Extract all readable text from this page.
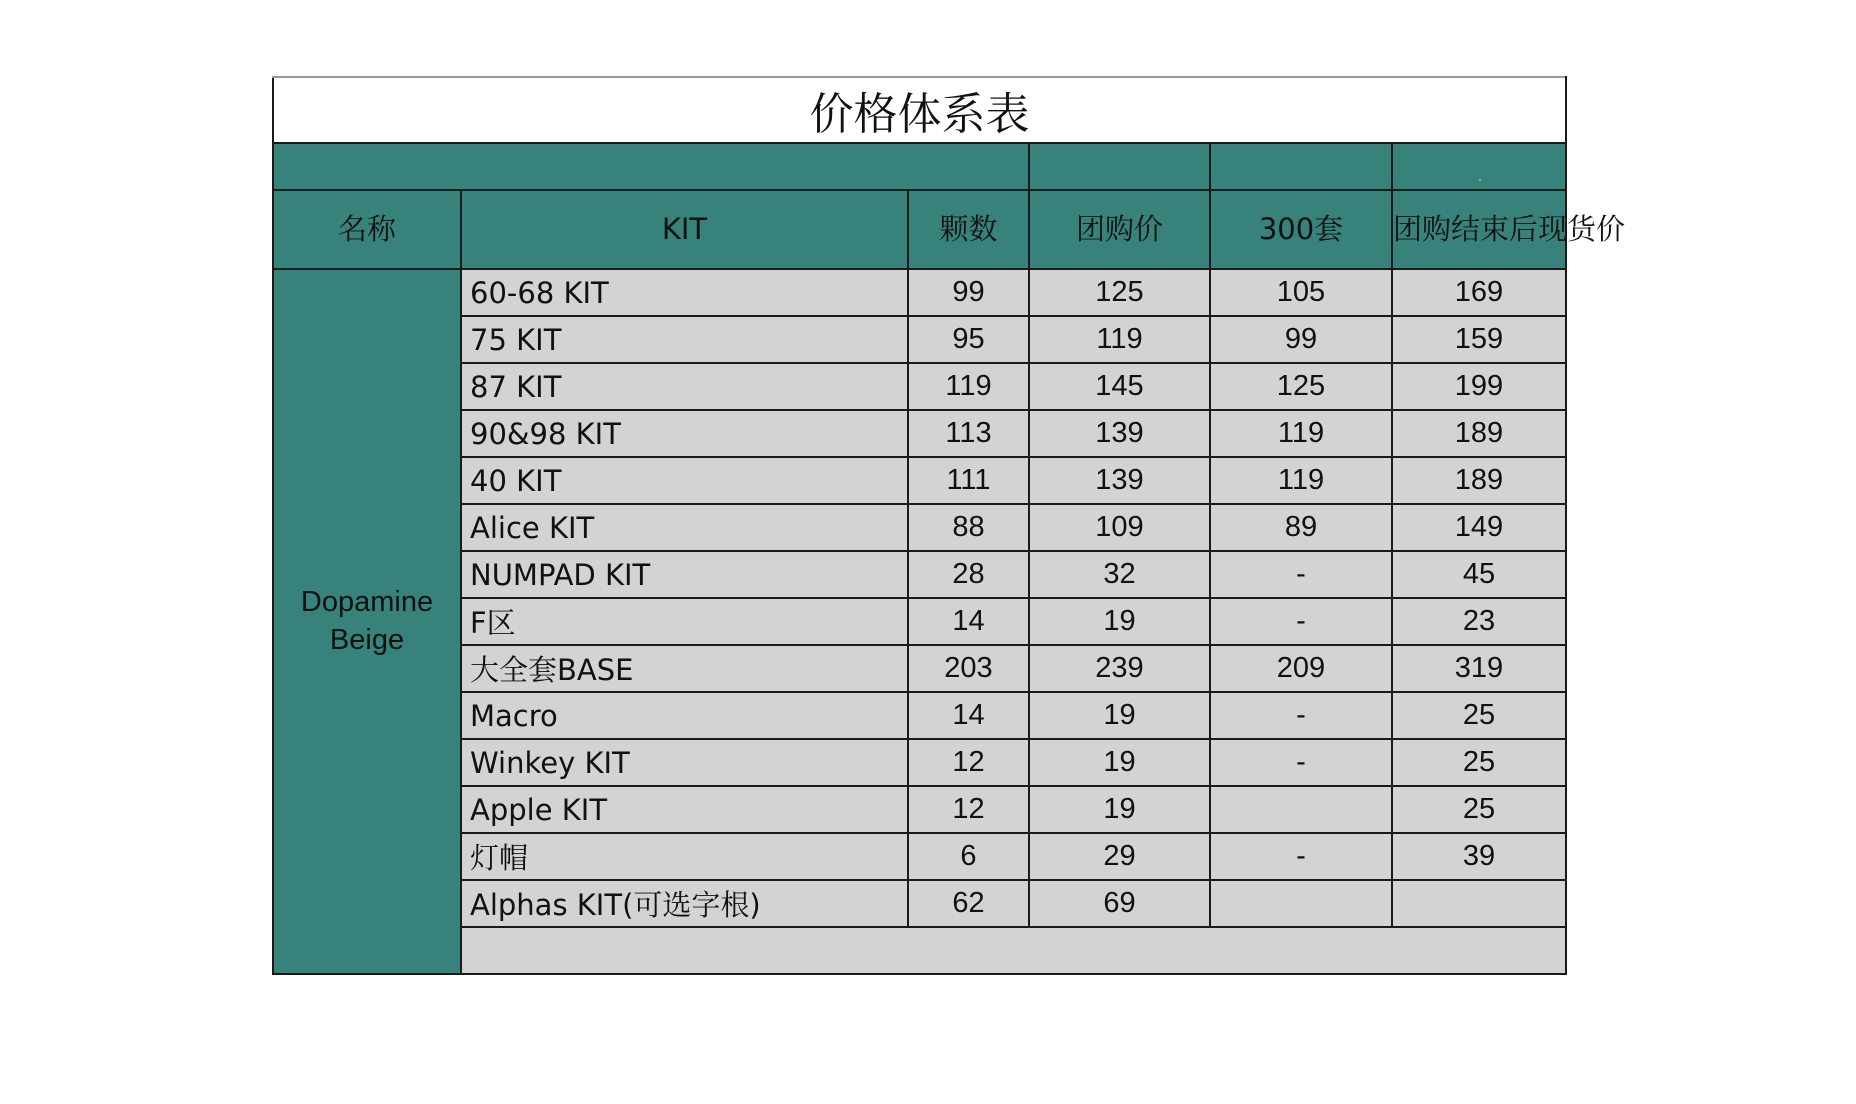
价格体系表					

名称	KIT	颗数	团购价	300套	团购结束后现货价
Dopamine Beige	60-68 KIT	99	125	105	169
	75 KIT	95	119	99	159
	87 KIT	119	145	125	199
	90&98 KIT	113	139	119	189
	40 KIT	111	139	119	189
	Alice KIT	88	109	89	149
	NUMPAD KIT	28	32	-	45
	F区	14	19	-	23
	大全套BASE	203	239	209	319
	Macro	14	19	-	25
	Winkey KIT	12	19	-	25
	Apple KIT	12	19		25
	灯帽	6	29	-	39
	Alphas KIT(可选字根)	62	69		
